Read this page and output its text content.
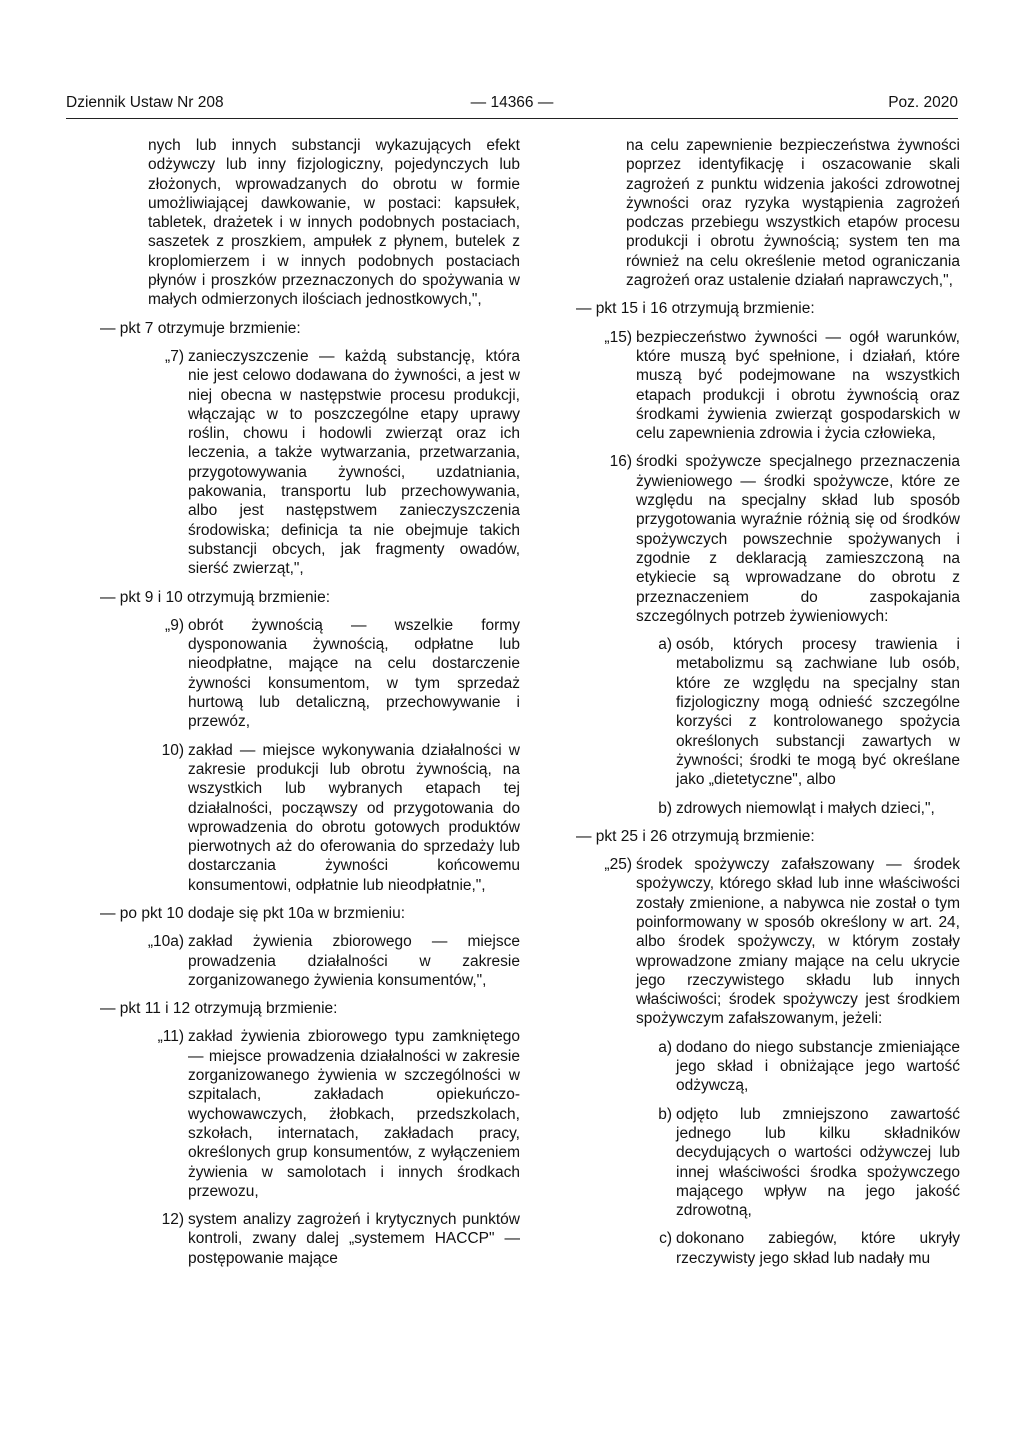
Dziennik Ustaw Nr 208	— 14366 —	Poz. 2020

nych lub innych substancji wykazujących efekt odżywczy lub inny fizjologiczny, pojedynczych lub złożonych, wprowadzanych do obrotu w formie umożliwiającej dawkowanie, w postaci: kapsułek, tabletek, drażetek i w innych podobnych postaciach, saszetek z proszkiem, ampułek z płynem, butelek z kroplomierzem i w innych podobnych postaciach płynów i proszków przeznaczonych do spożywania w małych odmierzonych ilościach jednostkowych,",

— pkt 7 otrzymuje brzmienie:

„7) zanieczyszczenie — każdą substancję, która nie jest celowo dodawana do żywności, a jest w niej obecna w następstwie procesu produkcji, włączając w to poszczególne etapy uprawy roślin, chowu i hodowli zwierząt oraz ich leczenia, a także wytwarzania, przetwarzania, przygotowywania żywności, uzdatniania, pakowania, transportu lub przechowywania, albo jest następstwem zanieczyszczenia środowiska; definicja ta nie obejmuje takich substancji obcych, jak fragmenty owadów, sierść zwierząt,",

— pkt 9 i 10 otrzymują brzmienie:

„9) obrót żywnością — wszelkie formy dysponowania żywnością, odpłatne lub nieodpłatne, mające na celu dostarczenie żywności konsumentom, w tym sprzedaż hurtową lub detaliczną, przechowywanie i przewóz,
10) zakład — miejsce wykonywania działalności w zakresie produkcji lub obrotu żywnością, na wszystkich lub wybranych etapach tej działalności, począwszy od przygotowania do wprowadzenia do obrotu gotowych produktów pierwotnych aż do oferowania do sprzedaży lub dostarczania żywności końcowemu konsumentowi, odpłatnie lub nieodpłatnie,",

— po pkt 10 dodaje się pkt 10a w brzmieniu:

„10a) zakład żywienia zbiorowego — miejsce prowadzenia działalności w zakresie zorganizowanego żywienia konsumentów,",

— pkt 11 i 12 otrzymują brzmienie:

„11) zakład żywienia zbiorowego typu zamkniętego — miejsce prowadzenia działalności w zakresie zorganizowanego żywienia w szczególności w szpitalach, zakładach opiekuńczo-wychowawczych, żłobkach, przedszkolach, szkołach, internatach, zakładach pracy, określonych grup konsumentów, z wyłączeniem żywienia w samolotach i innych środkach przewozu,
12) system analizy zagrożeń i krytycznych punktów kontroli, zwany dalej „systemem HACCP" — postępowanie mające

na celu zapewnienie bezpieczeństwa żywności poprzez identyfikację i oszacowanie skali zagrożeń z punktu widzenia jakości zdrowotnej żywności oraz ryzyka wystąpienia zagrożeń podczas przebiegu wszystkich etapów procesu produkcji i obrotu żywnością; system ten ma również na celu określenie metod ograniczania zagrożeń oraz ustalenie działań naprawczych,",

— pkt 15 i 16 otrzymują brzmienie:

„15) bezpieczeństwo żywności — ogół warunków, które muszą być spełnione, i działań, które muszą być podejmowane na wszystkich etapach produkcji i obrotu żywnością oraz środkami żywienia zwierząt gospodarskich w celu zapewnienia zdrowia i życia człowieka,
16) środki spożywcze specjalnego przeznaczenia żywieniowego — środki spożywcze, które ze względu na specjalny skład lub sposób przygotowania wyraźnie różnią się od środków spożywczych powszechnie spożywanych i zgodnie z deklaracją zamieszczoną na etykiecie są wprowadzane do obrotu z przeznaczeniem do zaspokajania szczególnych potrzeb żywieniowych:
a) osób, których procesy trawienia i metabolizmu są zachwiane lub osób, które ze względu na specjalny stan fizjologiczny mogą odnieść szczególne korzyści z kontrolowanego spożycia określonych substancji zawartych w żywności; środki te mogą być określane jako „dietetyczne", albo
b) zdrowych niemowląt i małych dzieci,",

— pkt 25 i 26 otrzymują brzmienie:

„25) środek spożywczy zafałszowany — środek spożywczy, którego skład lub inne właściwości zostały zmienione, a nabywca nie został o tym poinformowany w sposób określony w art. 24, albo środek spożywczy, w którym zostały wprowadzone zmiany mające na celu ukrycie jego rzeczywistego składu lub innych właściwości; środek spożywczy jest środkiem spożywczym zafałszowanym, jeżeli:
a) dodano do niego substancje zmieniające jego skład i obniżające jego wartość odżywczą,
b) odjęto lub zmniejszono zawartość jednego lub kilku składników decydujących o wartości odżywczej lub innej właściwości środka spożywczego mającego wpływ na jego jakość zdrowotną,
c) dokonano zabiegów, które ukryły rzeczywisty jego skład lub nadały mu
